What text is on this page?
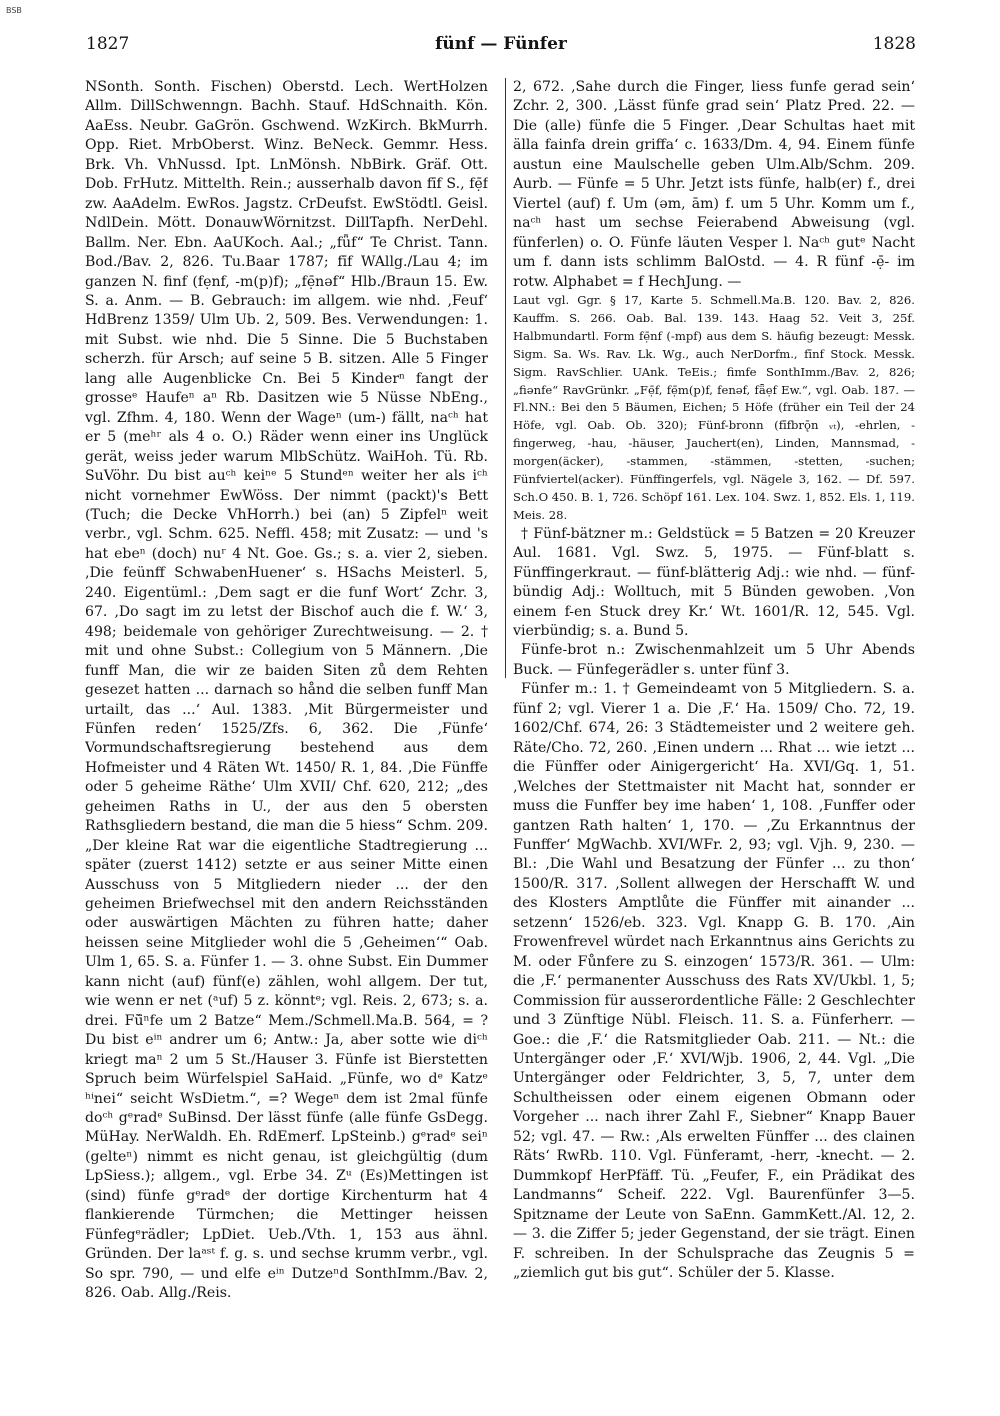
BSB
1827	fünf — Fünfer	1828

NSonth. Sonth. Fischen) Oberstd. Lech. WertHolzen Allm. DillSchwenngn. Bachh. Stauf. HdSchnaith. Kön. AaEss. Neubr. GaGrön. Gschwend. WzKirch. BkMurrh. Opp. Riet. MrbOberst. Winz. BeNeck. Gemmr. Hess. Brk. Vh. VhNussd. Ipt. LnMönsh. NbBirk. Gräf. Ott. Dob. FrHutz. Mittelth. Rein.; ausserhalb davon fīf S., fẹ̄f zw. AaAdelm. EwRos. Jagstz. CrDeufst. EwStödtl. Geisl. NdlDein. Mött. DonauwWörnitzst. DillTapfh. NerDehl. Ballm. Ner. Ebn. AaUKoch. Aal.; „fǖf“ Te Christ. Tann. Bod./Bav. 2, 826. Tu.Baar 1787; fīf WAllg./Lau 4; im ganzen N. finf (fẹnf, -m(p)f); „fẹ̄nəf“ Hlb./Braun 15. Ew. S. a. Anm. — B. Gebrauch: im allgem. wie nhd. ‚Feuf‘ HdBrenz 1359/ Ulm Ub. 2, 509. Bes. Verwendungen: 1. mit Subst. wie nhd. Die 5 Sinne. Die 5 Buchstaben scherzh. für Arsch; auf seine 5 B. sitzen. Alle 5 Finger lang alle Augenblicke Cn. Bei 5 Kinderⁿ fangt der grosseᵉ Haufeⁿ aⁿ Rb. Dasitzen wie 5 Nüsse NbEng., vgl. Zfhm. 4, 180. Wenn der Wageⁿ (um-) fällt, naᶜʰ hat er 5 (meʰʳ als 4 o. O.) Räder wenn einer ins Unglück gerät, weiss jeder warum MlbSchütz. WaiHoh. Tü. Rb. SuVöhr. Du bist auᶜʰ keiⁿᵉ 5 Stundᵉⁿ weiter her als iᶜʰ nicht vornehmer EwWöss. Der nimmt (packt)'s Bett (Tuch; die Decke VhHorrh.) bei (an) 5 Zipfelⁿ weit verbr., vgl. Schm. 625. Neffl. 458; mit Zusatz: — und 's hat ebeⁿ (doch) nuʳ 4 Nt. Goe. Gs.; s. a. vier 2, sieben. ‚Die feünff SchwabenHuener‘ s. HSachs Meisterl. 5, 240. Eigentüml.: ‚Dem sagt er die funf Wort‘ Zchr. 3, 67. ‚Do sagt im zu letst der Bischof auch die f. W.‘ 3, 498; beidemale von gehöriger Zurechtweisung. — 2. † mit und ohne Subst.: Collegium von 5 Männern. ‚Die funff Man, die wir ze baiden Siten zů dem Rehten gesezet hatten ... darnach so hånd die selben funff Man urtailt, das ...‘ Aul. 1383. ‚Mit Bürgermeister und Fünfen reden‘ 1525/Zfs. 6, 362. Die ‚Fünfe‘ Vormundschaftsregierung bestehend aus dem Hofmeister und 4 Räten Wt. 1450/ R. 1, 84. ‚Die Fünffe oder 5 geheime Räthe‘ Ulm XVII/ Chf. 620, 212; „des geheimen Raths in U., der aus den 5 obersten Rathsgliedern bestand, die man die 5 hiess“ Schm. 209. „Der kleine Rat war die eigentliche Stadtregierung ... später (zuerst 1412) setzte er aus seiner Mitte einen Ausschuss von 5 Mitgliedern nieder ... der den geheimen Briefwechsel mit den andern Reichsständen oder auswärtigen Mächten zu führen hatte; daher heissen seine Mitglieder wohl die 5 ‚Geheimen‘“ Oab. Ulm 1, 65. S. a. Fünfer 1. — 3. ohne Subst. Ein Dummer kann nicht (auf) fünf(e) zählen, wohl allgem. Der tut, wie wenn er net (ᵃuf) 5 z. könntᵉ; vgl. Reis. 2, 673; s. a. drei. Fü̈ⁿfe um 2 Batze“ Mem./Schmell.Ma.B. 564, = ? Du bist eⁱⁿ andrer um 6; Antw.: Ja, aber sotte wie diᶜʰ kriegt maⁿ 2 um 5 St./Hauser 3. Fünfe ist Bierstetten Spruch beim Würfelspiel SaHaid. „Fünfe, wo dᵉ Katzᵉ ʰⁱnei“ seicht WsDietm.“, =? Wegeⁿ dem ist 2mal fünfe doᶜʰ gᵉradᵉ SuBinsd. Der lässt fünfe (alle fünfe GsDegg. MüHay. NerWaldh. Eh. RdEmerf. LpSteinb.) gᵉradᵉ seiⁿ (gelteⁿ) nimmt es nicht genau, ist gleichgültig (dum LpSiess.); allgem., vgl. Erbe 34. Zᵘ (Es)Mettingen ist (sind) fünfe gᵉradᵉ der dortige Kirchenturm hat 4 flankierende Türmchen; die Mettinger heissen Fünfegᵉrädler; LpDiet. Ueb./Vth. 1, 153 aus ähnl. Gründen. Der laᵃˢᵗ f. g. s. und sechse krumm verbr., vgl. So spr. 790, — und elfe eⁱⁿ Dutzeⁿd SonthImm./Bav. 2, 826. Oab. Allg./Reis.

2, 672. ‚Sahe durch die Finger, liess funfe gerad sein‘ Zchr. 2, 300. ‚Lässt fünfe grad sein‘ Platz Pred. 22. — Die (alle) fünfe die 5 Finger. ‚Dear Schultas haet mit älla fainfa drein griffa‘ c. 1633/Dm. 4, 94. Einem fünfe austun eine Maulschelle geben Ulm.Alb/Schm. 209. Aurb. — Fünfe = 5 Uhr. Jetzt ists fünfe, halb(er) f., drei Viertel (auf) f. Um (əm, ām) f. um 5 Uhr. Komm um f., naᶜʰ hast um sechse Feierabend Abweisung (vgl. fünferlen) o. O. Fünfe läuten Vesper l. Naᶜʰ gutᵉ Nacht um f. dann ists schlimm BalOstd. — 4. R fünf -ẹ̄- im rotw. Alphabet = f HechJung. —

Laut vgl. Ggr. § 17, Karte 5. Schmell.Ma.B. 120. Bav. 2, 826. Kauffm. S. 266. Oab. Bal. 139. 143. Haag 52. Veit 3, 25f. Halbmundartl. Form fẹ̄nf (-mpf) aus dem S. häufig bezeugt: Messk. Sigm. Sa. Ws. Rav. Lk. Wg., auch NerDorfm., fīnf Stock. Messk. Sigm. RavSchlier. UAnk. TeEis.; fimfe SonthImm./Bav. 2, 826; „fiənfe“ RavGrünkr. „Fẹ̄f, fẹ̄m(p)f, fenəf, fǟẹf Ew.“, vgl. Oab. 187. — Fl.NN.: Bei den 5 Bäumen, Eichen; 5 Höfe (früher ein Teil der 24 Höfe, vgl. Oab. Ob. 320); Fünf-bronn (fīfbrǭn ᵥₜ), -ehrlen, -fingerweg, -hau, -häuser, Jauchert(en), Linden, Mannsmad, -morgen(äcker), -stammen, -stämmen, -stetten, -suchen; Fünfviertel(acker). Fünffingerfels, vgl. Nägele 3, 162. — Df. 597. Sch.O 450. B. 1, 726. Schöpf 161. Lex. 104. Swz. 1, 852. Els. 1, 119. Meis. 28.

† Fünf-bätzner m.: Geldstück = 5 Batzen = 20 Kreuzer Aul. 1681. Vgl. Swz. 5, 1975. — Fünf-blatt s. Fünffingerkraut. — fünf-blätterig Adj.: wie nhd. — fünf-bündig Adj.: Wolltuch, mit 5 Bünden gewoben. ‚Von einem f-en Stuck drey Kr.‘ Wt. 1601/R. 12, 545. Vgl. vierbündig; s. a. Bund 5.

Fünfe-brot n.: Zwischenmahlzeit um 5 Uhr Abends Buck. — Fünfegerädler s. unter fünf 3.

Fünfer m.: 1. † Gemeindeamt von 5 Mitgliedern. S. a. fünf 2; vgl. Vierer 1 a. Die ‚F.‘ Ha. 1509/ Cho. 72, 19. 1602/Chf. 674, 26: 3 Städtemeister und 2 weitere geh. Räte/Cho. 72, 260. ‚Einen undern ... Rhat ... wie ietzt ... die Fünffer oder Ainigergericht‘ Ha. XVI/Gq. 1, 51. ‚Welches der Stettmaister nit Macht hat, sonnder er muss die Funffer bey ime haben‘ 1, 108. ‚Funffer oder gantzen Rath halten‘ 1, 170. — ‚Zu Erkanntnus der Funffer‘ MgWachb. XVI/WFr. 2, 93; vgl. Vjh. 9, 230. — Bl.: ‚Die Wahl und Besatzung der Fünfer ... zu thon‘ 1500/R. 317. ‚Sollent allwegen der Herschafft W. und des Klosters Amptlůte die Fünffer mit ainander ... setzenn‘ 1526/eb. 323. Vgl. Knapp G. B. 170. ‚Ain Frowenfrevel würdet nach Erkanntnus ains Gerichts zu M. oder Fůnfere zu S. einzogen‘ 1573/R. 361. — Ulm: die ‚F.‘ permanenter Ausschuss des Rats XV/Ukbl. 1, 5; Commission für ausserordentliche Fälle: 2 Geschlechter und 3 Zünftige Nübl. Fleisch. 11. S. a. Fünferherr. — Goe.: die ‚F.‘ die Ratsmitglieder Oab. 211. — Nt.: die Untergänger oder ‚F.‘ XVI/Wjb. 1906, 2, 44. Vgl. „Die Untergänger oder Feldrichter, 3, 5, 7, unter dem Schultheissen oder einem eigenen Obmann oder Vorgeher ... nach ihrer Zahl F., Siebner“ Knapp Bauer 52; vgl. 47. — Rw.: ‚Als erwelten Fünffer ... des clainen Räts‘ RwRb. 110. Vgl. Fünferamt, -herr, -knecht. — 2. Dummkopf HerPfäff. Tü. „Feufer, F., ein Prädikat des Landmanns“ Scheif. 222. Vgl. Baurenfünfer 3—5. Spitzname der Leute von SaEnn. GammKett./Al. 12, 2. — 3. die Ziffer 5; jeder Gegenstand, der sie trägt. Einen F. schreiben. In der Schulsprache das Zeugnis 5 = „ziemlich gut bis gut“. Schüler der 5. Klasse.
